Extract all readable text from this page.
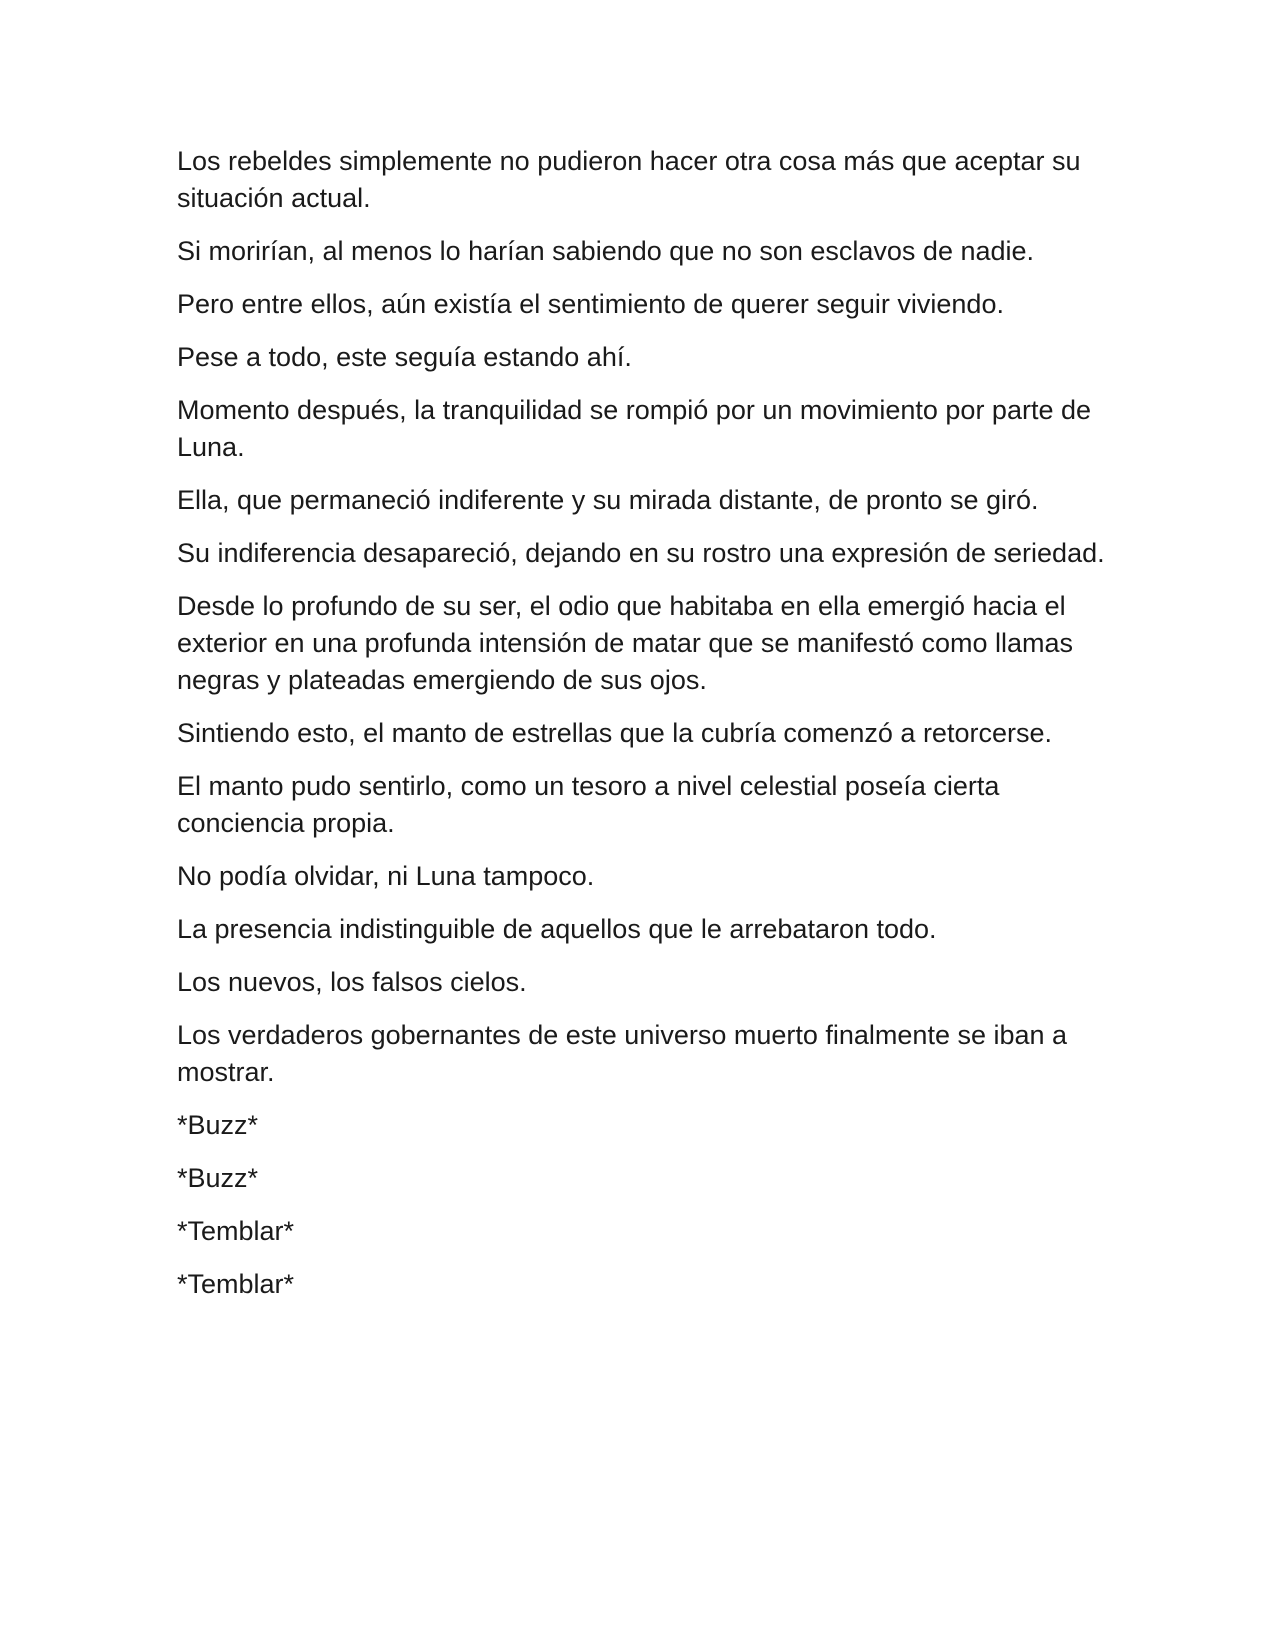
Los rebeldes simplemente no pudieron hacer otra cosa más que aceptar su situación actual.

Si morirían, al menos lo harían sabiendo que no son esclavos de nadie.

Pero entre ellos, aún existía el sentimiento de querer seguir viviendo.

Pese a todo, este seguía estando ahí.

Momento después, la tranquilidad se rompió por un movimiento por parte de Luna.

Ella, que permaneció indiferente y su mirada distante, de pronto se giró.

Su indiferencia desapareció, dejando en su rostro una expresión de seriedad.

Desde lo profundo de su ser, el odio que habitaba en ella emergió hacia el exterior en una profunda intensión de matar que se manifestó como llamas negras y plateadas emergiendo de sus ojos.

Sintiendo esto, el manto de estrellas que la cubría comenzó a retorcerse.

El manto pudo sentirlo, como un tesoro a nivel celestial poseía cierta conciencia propia.

No podía olvidar, ni Luna tampoco.

La presencia indistinguible de aquellos que le arrebataron todo.

Los nuevos, los falsos cielos.

Los verdaderos gobernantes de este universo muerto finalmente se iban a mostrar.

*Buzz*

*Buzz*

*Temblar*

*Temblar*
